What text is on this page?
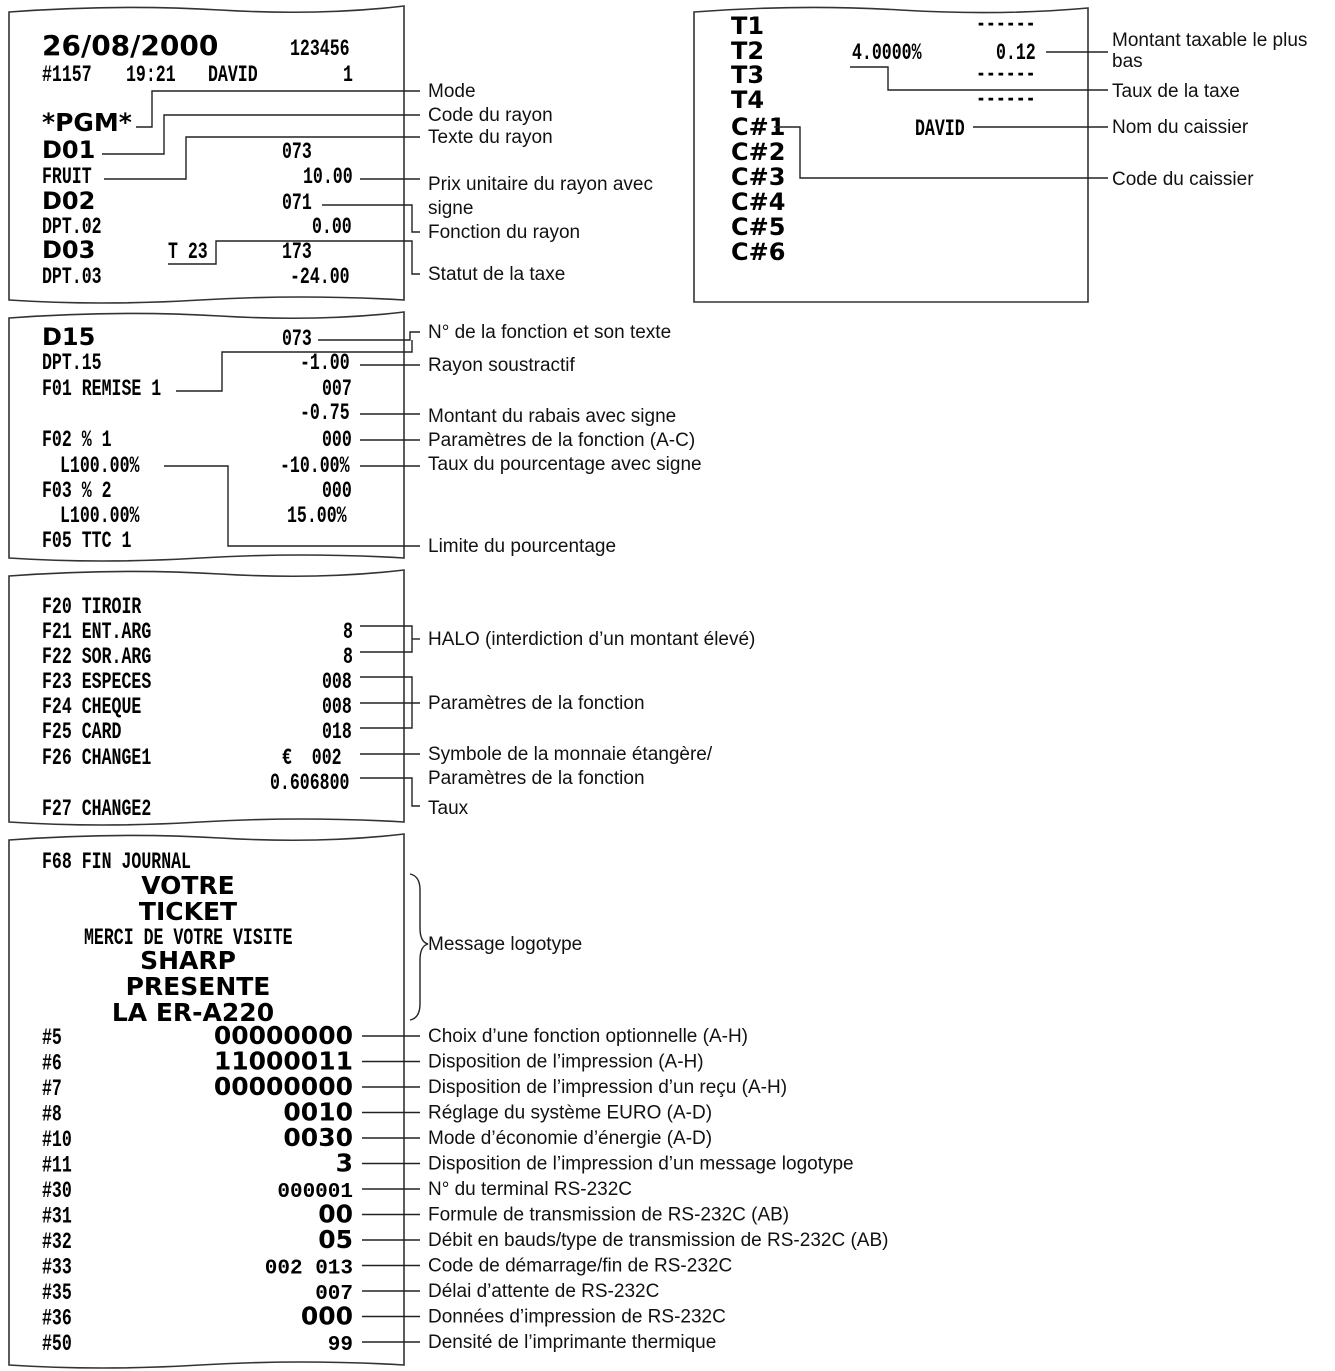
26/08/2000	123456
#1157 19:21 DAVID	1
*PGM*
D01	073
FRUIT	10.00
D02	071
DPT.02	0.00
D03	T 23	173
DPT.03	-24.00
D15	073
DPT.15	-1.00
F01 REMISE 1	007
-0.75
F02 % 1	000
L100.00%	-10.00%
F03 % 2	000
L100.00%	15.00%
F05 TTC 1
F20 TIROIR
F21 ENT.ARG	8
F22 SOR.ARG	8
F23 ESPECES	008
F24 CHEQUE	008
F25 CARD	018
F26 CHANGE1	€  002
0.606800
F27 CHANGE2
F68 FIN JOURNAL
VOTRE
TICKET
MERCI DE VOTRE VISITE
SHARP
PRESENTE
LA ER-A220
#5	00000000	Choix d’une fonction optionnelle (A-H)
#6	11000011	Disposition de l’impression (A-H)
#7	00000000	Disposition de l’impression d’un reçu (A-H)
#8	0010	Réglage du système EURO (A-D)
#10	0030	Mode d’économie d’énergie (A-D)
#11	3	Disposition de l’impression d’un message logotype
#30	000001	N° du terminal RS-232C
#31	00	Formule de transmission de RS-232C (AB)
#32	05	Débit en bauds/type de transmission de RS-232C (AB)
#33	002 013	Code de démarrage/fin de RS-232C
#35	007	Délai d’attente de RS-232C
#36	000	Données d’impression de RS-232C
#50	99	Densité de l’imprimante thermique
T1	------
T2	4.0000%	0.12
T3	------
T4	------
C#1	DAVID
C#2
C#3
C#4
C#5
C#6
Mode
Code du rayon
Texte du rayon
Prix unitaire du rayon avec
signe
Fonction du rayon
Statut de la taxe
N° de la fonction et son texte
Rayon soustractif
Montant du rabais avec signe
Paramètres de la fonction (A-C)
Taux du pourcentage avec signe
Limite du pourcentage
HALO (interdiction d’un montant élevé)
Paramètres de la fonction
Symbole de la monnaie étangère/
Paramètres de la fonction
Taux
Message logotype
Montant taxable le plus
bas
Taux de la taxe
Nom du caissier
Code du caissier
